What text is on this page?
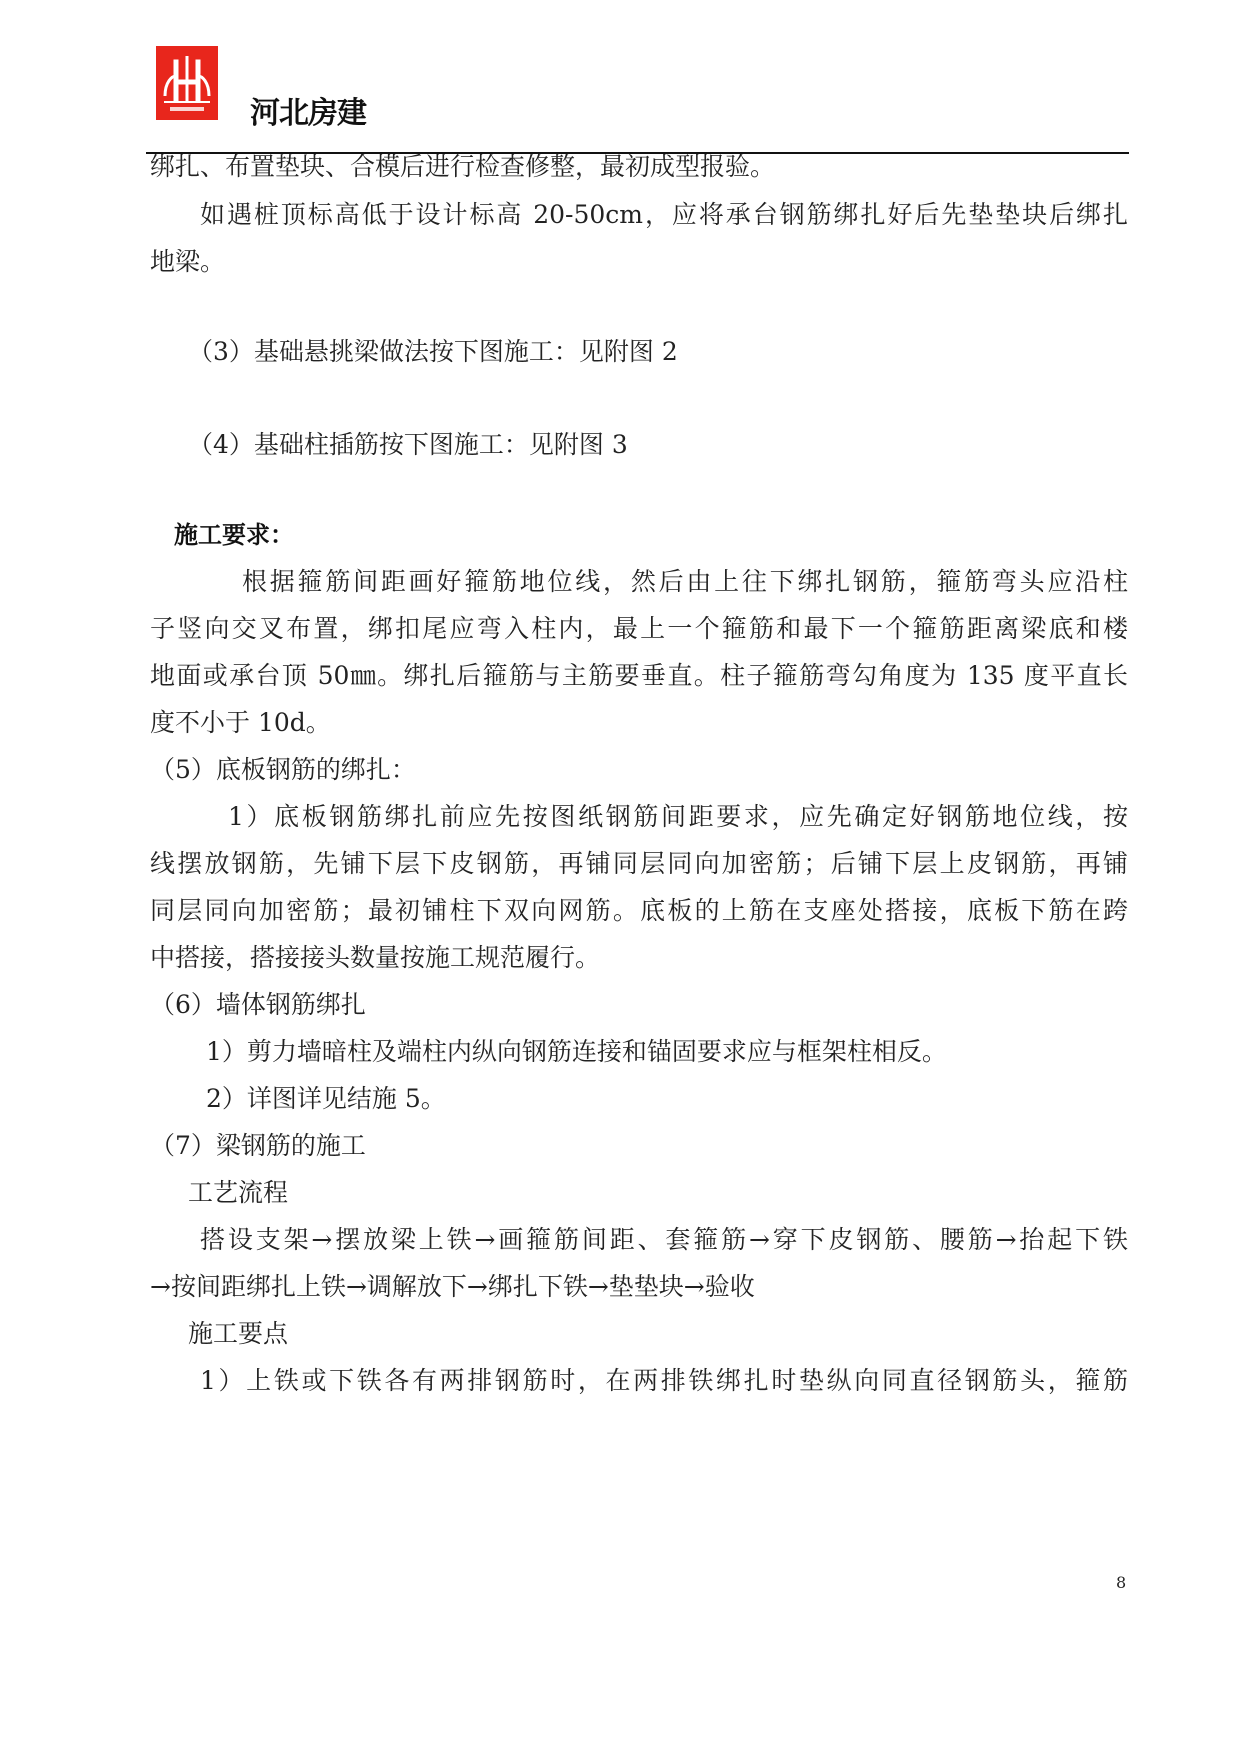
河北房建
绑扎、布置垫块、合模后进行检查修整，最初成型报验。
如遇桩顶标高低于设计标高 20-50cm，应将承台钢筋绑扎好后先垫垫块后绑扎
地梁。
（3）基础悬挑梁做法按下图施工：见附图 2
（4）基础柱插筋按下图施工：见附图 3
施工要求：
根据箍筋间距画好箍筋地位线，然后由上往下绑扎钢筋，箍筋弯头应沿柱
子竖向交叉布置，绑扣尾应弯入柱内，最上一个箍筋和最下一个箍筋距离梁底和楼
地面或承台顶 50㎜。绑扎后箍筋与主筋要垂直。柱子箍筋弯勾角度为 135 度平直长
度不小于 10d。
（5）底板钢筋的绑扎：
1）底板钢筋绑扎前应先按图纸钢筋间距要求，应先确定好钢筋地位线，按
线摆放钢筋，先铺下层下皮钢筋，再铺同层同向加密筋；后铺下层上皮钢筋，再铺
同层同向加密筋；最初铺柱下双向网筋。底板的上筋在支座处搭接，底板下筋在跨
中搭接，搭接接头数量按施工规范履行。
（6）墙体钢筋绑扎
1）剪力墙暗柱及端柱内纵向钢筋连接和锚固要求应与框架柱相反。
2）详图详见结施 5。
（7）梁钢筋的施工
工艺流程
搭设支架→摆放梁上铁→画箍筋间距、套箍筋→穿下皮钢筋、腰筋→抬起下铁
→按间距绑扎上铁→调解放下→绑扎下铁→垫垫块→验收
施工要点
1）上铁或下铁各有两排钢筋时，在两排铁绑扎时垫纵向同直径钢筋头，箍筋
8
